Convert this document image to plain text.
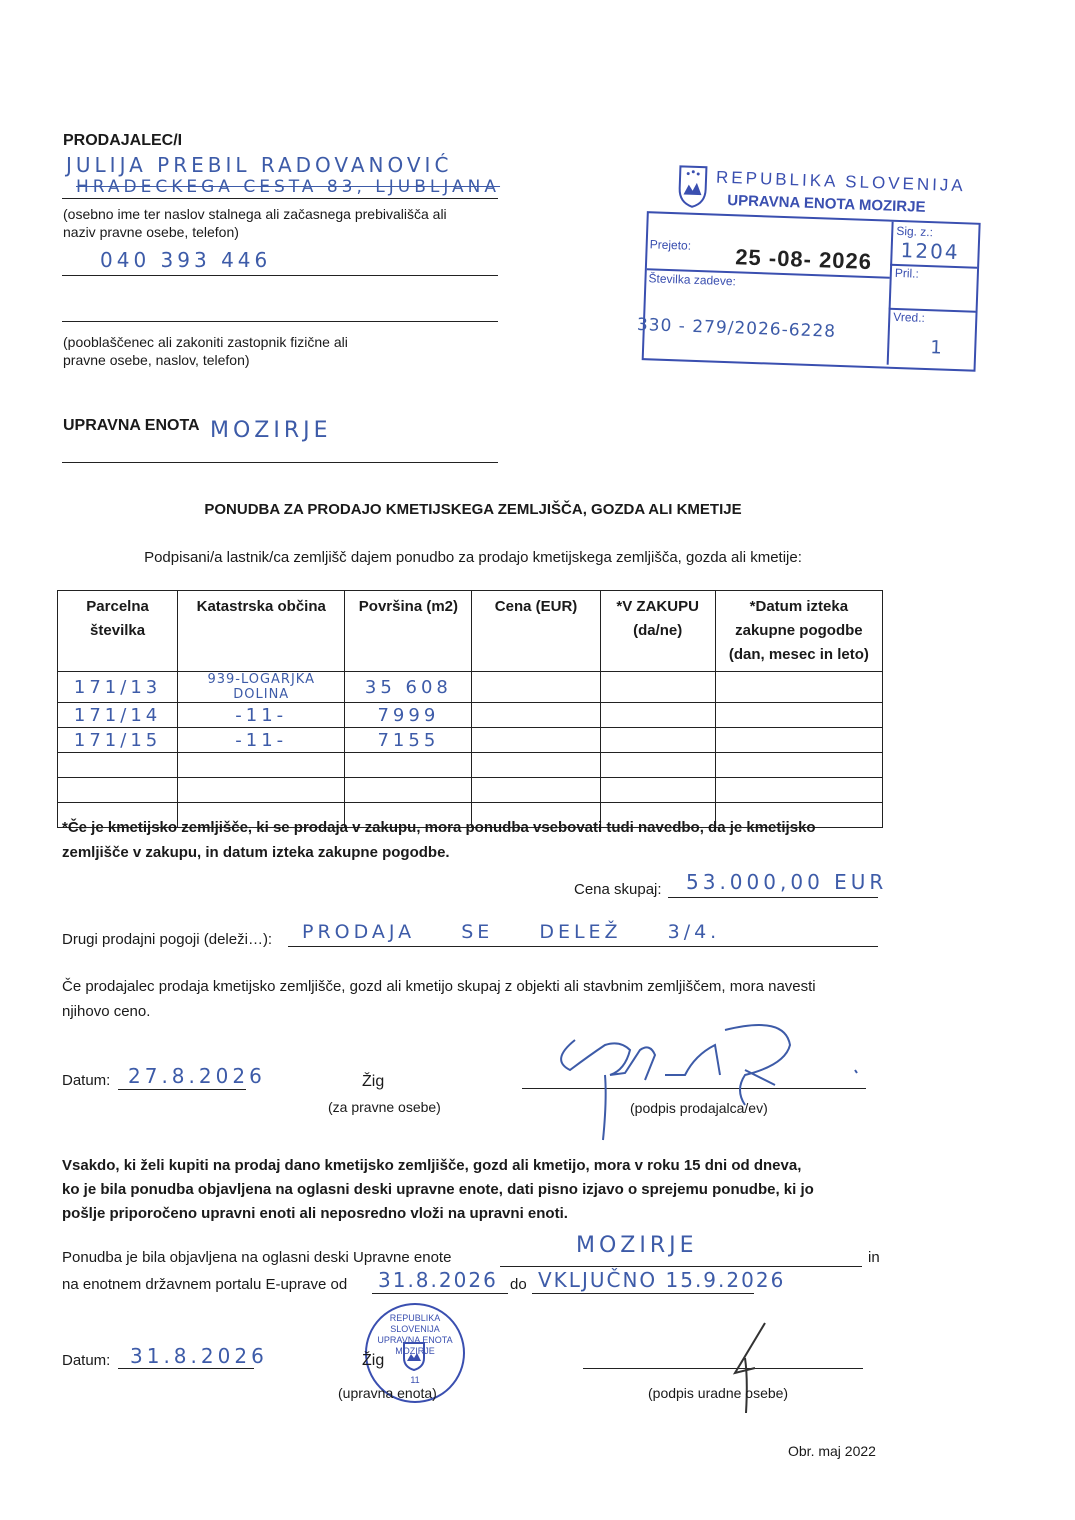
PRODAJALEC/I
JULIJA PREBIL RADOVANOVIĆ
HRADECKEGA CESTA 83, LJUBLJANA
(osebno ime ter naslov stalnega ali začasnega prebivališča ali
naziv pravne osebe, telefon)
040 393 446
(pooblaščenec ali zakoniti zastopnik fizične ali
pravne osebe, naslov, telefon)
UPRAVNA ENOTA MOZIRJE
REPUBLIKA SLOVENIJA
UPRAVNA ENOTA MOZIRJE
Prejeto: 25 -08- 2026
Sig. z.:
1204
Pril.:
Številka zadeve:
330 - 279/2026-6228	Vred.:
1
PONUDBA ZA PRODAJO KMETIJSKEGA ZEMLJIŠČA, GOZDA ALI KMETIJE
Podpisani/a lastnik/ca zemljišč dajem ponudbo za prodajo kmetijskega zemljišča, gozda ali kmetije:
Parcelna številka	Katastrska občina	Površina (m2)	Cena (EUR)	*V ZAKUPU (da/ne)	*Datum izteka zakupne pogodbe (dan, mesec in leto)
171/13	939-LOGARJKA DOLINA	35 608			
171/14	-11-	7999			
171/15	-11-	7155			

*Če je kmetijsko zemljišče, ki se prodaja v zakupu, mora ponudba vsebovati tudi navedbo, da je kmetijsko
zemljišče v zakupu, in datum izteka zakupne pogodbe.
Cena skupaj: 53.000,00 EUR
Drugi prodajni pogoji (deleži…): PRODAJA SE DELEŽ 3/4.
Če prodajalec prodaja kmetijsko zemljišče, gozd ali kmetijo skupaj z objekti ali stavbnim zemljiščem, mora navesti
njihovo ceno.
Datum: 27.8.2026	Žig
(za pravne osebe)	(podpis prodajalca/ev)
Vsakdo, ki želi kupiti na prodaj dano kmetijsko zemljišče, gozd ali kmetijo, mora v roku 15 dni od dneva,
ko je bila ponudba objavljena na oglasni deski upravne enote, dati pisno izjavo o sprejemu ponudbe, ki jo
pošlje priporočeno upravni enoti ali neposredno vloži na upravni enoti.
Ponudba je bila objavljena na oglasni deski Upravne enote	MOZIRJE	in
na enotnem državnem portalu E-uprave od 31.8.2026 do VKLJUČNO 15.9.2026
Datum: 31.8.2026
REPUBLIKA SLOVENIJA UPRAVNA ENOTA MOZIRJE
11
Žig
(upravna enota)	(podpis uradne osebe)
Obr. maj 2022
